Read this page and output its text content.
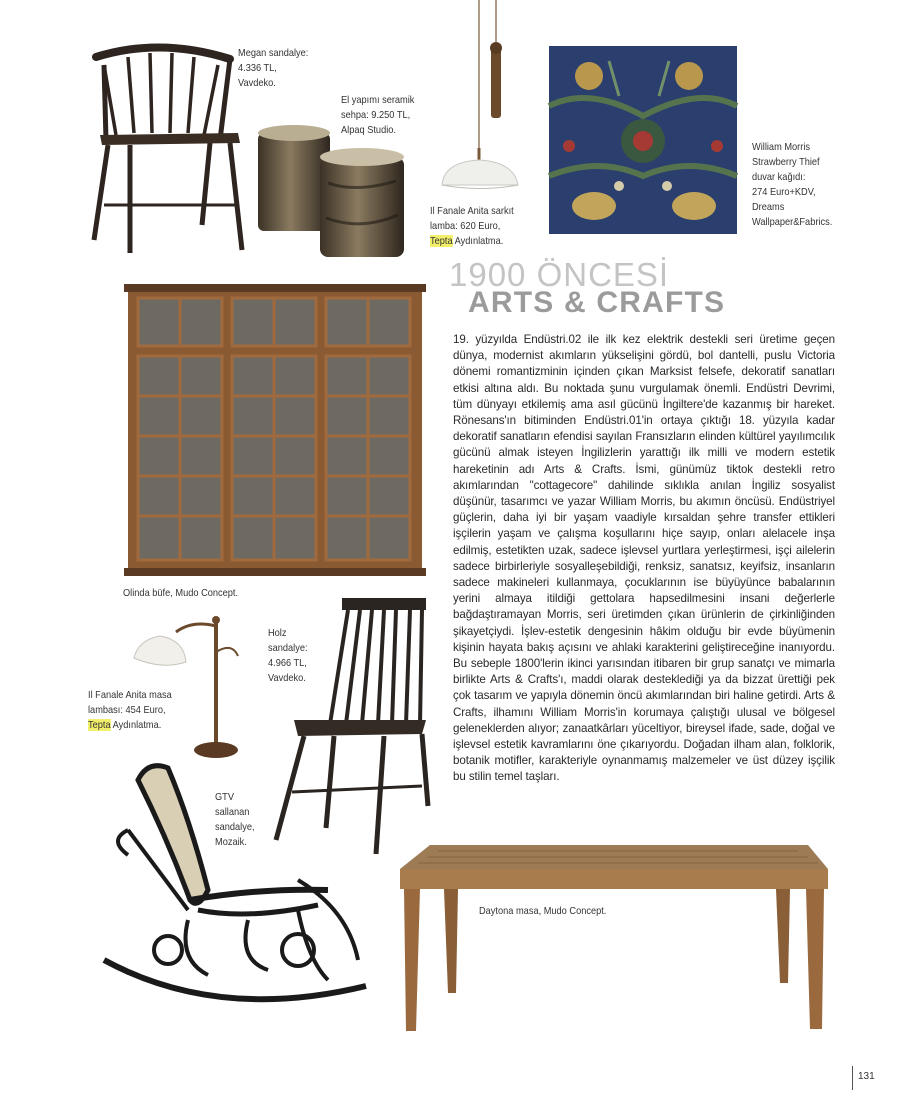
Megan sandalye:
4.336 TL,
Vavdeko.
El yapımı seramik
sehpa: 9.250 TL,
Alpaq Studio.
Il Fanale Anita sarkıt
lamba: 620 Euro,
Tepta Aydınlatma.
William Morris
Strawberry Thief
duvar kağıdı:
274 Euro+KDV,
Dreams
Wallpaper&Fabrics.
1900 ÖNCESİ
ARTS & CRAFTS
Olinda büfe, Mudo Concept.
Il Fanale Anita masa
lambası: 454 Euro,
Tepta Aydınlatma.
Holz
sandalye:
4.966 TL,
Vavdeko.
GTV
sallanan
sandalye,
Mozaik.
19. yüzyılda Endüstri.02 ile ilk kez elektrik destekli seri üretime geçen dünya, modernist akımların yükselişini gördü, bol dantelli, puslu Victoria dönemi romantizminin içinden çıkan Marksist felsefe, dekoratif sanatları etkisi altına aldı. Bu noktada şunu vurgulamak önemli. Endüstri Devrimi, tüm dünyayı etkilemiş ama asıl gücünü İngiltere'de kazanmış bir hareket. Rönesans'ın bitiminden Endüstri.01'in ortaya çıktığı 18. yüzyıla kadar dekoratif sanatların efendisi sayılan Fransızların elinden kültürel yayılımcılık gücünü almak isteyen İngilizlerin yarattığı ilk milli ve modern estetik hareketinin adı Arts & Crafts. İsmi, günümüz tiktok destekli retro akımlarından "cottagecore" dahilinde sıklıkla anılan İngiliz sosyalist düşünür, tasarımcı ve yazar William Morris, bu akımın öncüsü. Endüstriyel güçlerin, daha iyi bir yaşam vaadiyle kırsaldan şehre transfer ettikleri işçilerin yaşam ve çalışma koşullarını hiçe sayıp, onları alelacele inşa edilmiş, estetikten uzak, sadece işlevsel yurtlara yerleştirmesi, işçi ailelerin sadece birbirleriyle sosyalleşebildiği, renksiz, sanatsız, keyifsiz, insanların sadece makineleri kullanmaya, çocuklarının ise büyüyünce babalarının yerini almaya itildiği gettolara hapsedilmesini insani değerlerle bağdaştıramayan Morris, seri üretimden çıkan ürünlerin de çirkinliğinden şikayetçiydi. İşlev-estetik dengesinin hâkim olduğu bir evde büyümenin kişinin hayata bakış açısını ve ahlaki karakterini geliştireceğine inanıyordu. Bu sebeple 1800'lerin ikinci yarısından itibaren bir grup sanatçı ve mimarla birlikte Arts & Crafts'ı, maddi olarak desteklediği ya da bizzat ürettiği pek çok tasarım ve yapıyla dönemin öncü akımlarından biri haline getirdi. Arts & Crafts, ilhamını William Morris'in korumaya çalıştığı ulusal ve bölgesel geleneklerden alıyor; zanaatkârları yüceltiyor, bireysel ifade, sade, doğal ve işlevsel estetik kavramlarını öne çıkarıyordu. Doğadan ilham alan, folklorik, botanik motifler, karakteriyle oynanmamış malzemeler ve üst düzey işçilik bu stilin temel taşları.
Daytona masa, Mudo Concept.
131
